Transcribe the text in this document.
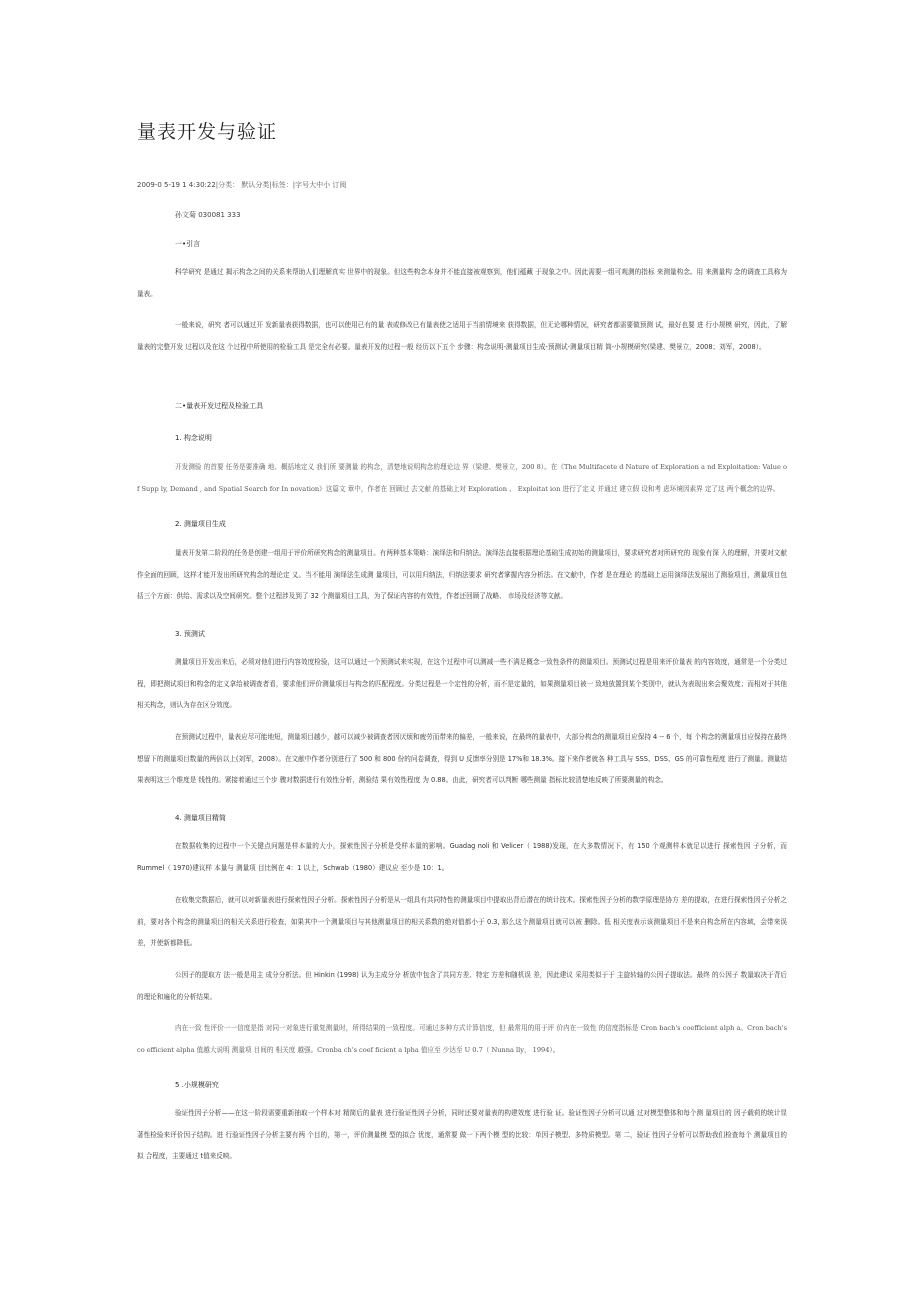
量表开发与验证
2009-0 5-19 1 4:30:22|分类： 默认分类|标签：|字号大中小 订阅
孙文菊 030081 333
一•引言

科学研究 是通过 揭示构念之间的关系来帮助人们理解真实 世界中的现象。但这些构念本身并不能直接被观察到，他们蕴藏 于现象之中。因此需要一组可观测的指标 来测量构念。用 来测量构 念的调查工具称为量表。

一般来说，研究 者可以通过开 发新量表获得数据，也可以使用已有的量 表或修改已有量表使之适用于当前情境来 获得数据，但无论哪种情况，研究者都需要做预测 试，最好也要 进 行小规模 研究，因此，了解量表的完整开发 过程以及在这 个过程中所使用的检验工具 是完全有必要。量表开发的过程一般 经历以下五个 步骤：构念说明-测量项目生成-预测试-测量项目精 简-小规模研究(梁建、樊景立，2008；刘军，2008）。

二•量表开发过程及检验工具
1. 构念说明

开发测验 的首要 任务是要准确 地、概括地定义 我们所 要测量 的构念，清楚地说明构念的理论边 界（梁建、樊景立，200 8）。在《The Multifacete d Nature of Exploration a nd Exploitation: Value o f Supp ly, Demand , and Spatial Search for In novation》这篇文 章中，作者在 回顾过 去文献 的基础上对 Exploration 、 Exploitat ion 进行了定义 并通过 建立假 设和考 虑环境因素界 定了这 两个概念的边界。

2. 测量项目生成

量表开发第二阶段的任务是创建一组用于评价所研究构念的测量项目。有两种基本策略：演绎法和归纳法。演绎法直接根据理论基础生成初始的测量项目，要求研究者对所研究的 现象有深 入的理解，并要对文献作全面的回顾，这样才能开发出所研究构念的理论定 义。当不能用 演绎法生成测 量项目，可以用归纳法，归纳法要求 研究者掌握内容分析法。在文献中，作者 是在理论 的基础上运用演绎法发展出了测验项目，测量项目包括三个方面：供给、需求以及空间研究。整个过程涉及到了 32 个测量项目工具，为了保证内容的有效性，作者还回顾了战略、 市场及经济等文献。

3. 预测试

测量项目开发出来后，必须对他们进行内容效度检验，这可以通过一个预测试来实现，在这个过程中可以测减一些不满足概念一致性条件的测量项目。预测试过程是用来评价量表 的内容效度，通常是一个分类过程，即把测试项目和构念的定义拿给被调查者看，要求他们评价测量项目与构念的匹配程度。分类过程是一个定性的分析，而不是定量的，如果测量项目被一 致地放置到某个类别中，就认为表现出来会聚效度；而相对于其他相关构念，则认为存在区分效度。

在预测试过程中，量表应尽可能地短，测量项目越少，越可以减少被调查者因厌烦和疲劳而带来的偏差，一般来说，在最终的量表中，大部分构念的测量项目应保持 4 -- 6 个，每 个构念的测量项目应保持在最终想留下的测量项目数量的两倍以上(刘军，2008）。在文献中作者分别进行了 500 和 800 份的问卷调查，得到 U 反馈率分别是 17%和 18.3%。接下来作者就各 种工具与 SSS、DSS、GS 的可靠性程度 进行了测量。测量结果表明这三个维度是 线性的。紧接着通过三个步 骤对数据进行有效性分析，测验结 果有效性程度 为 0.88。由此，研究者可以判断 哪些测量 指标比较清楚地反映了所要测量的构念。

4. 测量项目精简

在数据收集的过程中一个关键点问题是样本量的大小，探索性因子分析是受样本量的影响。Guadag noli 和 Velicer（ 1988)发现，在大多数情况下，有 150 个观测样本就足以进行 探索性因 子分析，而 Rummel（ 1970)建议样 本量与 测量项 目比例在 4：1 以上，Schwab（1980）建议应 至少是 10：1。

在收集完数据后，就可以对新量表进行探索性因子分析。探索性因子分析是从一组具有共同特性的测量项目中提取出背后潜在的统计技术。探索性因子分析的数学原理是协方 差的提取，在进行探索性因子分析之前，要对各个构念的测量项目的相关关系进行检查，如果其中一个测量项目与其他测量项目的相关系数的绝对值都小于 0.3, 那么这个测量项目就可以被 删除。低 相关度表示该测量项目不是来自构念所在内容域，会带来误差，并使新都降低。

公因子的提取方 法一般是用主 成分分析法。但 Hinkin (1998) 认为主成分分 析放中包含了共同方差、特定 方差和随机误 差，因此建议 采用类似于于 主旋转轴的公因子提取法。最终 的公因子 数量取决于背后的理论和遍化的分析结果。

内在一致 性评价一一信度是指 对同一对象进行重复测量时，所得结果的一致程度。可通过多种方式计算信度，但 最常用的用于评 价内在一致性 的信度指标是 Cron bach's coefficient alph a。Cron bach's co efficient alpha 值越大说明 测量项 目间的 相关度 越强。Cronba ch's coef ficient a lpha 值应至 少达至 U 0.7（ Nunna lly， 1994）。

5 .小规模研究

验证性因子分析——在这一阶段需要重新抽取一个样本对 精简后的量表 进行验证性因子分析，同时还要对量表的构建效度 进行验 证。验证性因子分析可以通 过对模型整体和每个测 量项目的 因子载荷的统计显著性检验来评价因子结构。进 行验证性因子分析主要有两 个目的，第一，评价测量模 型的拟合 优度，通常要 做一下两个模 型的比较：单因子模型、多特质模型。第 二，验证 性因子分析可以帮助我们检查每个 测量项目的拟 合程度，主要通过 t值来反映。
